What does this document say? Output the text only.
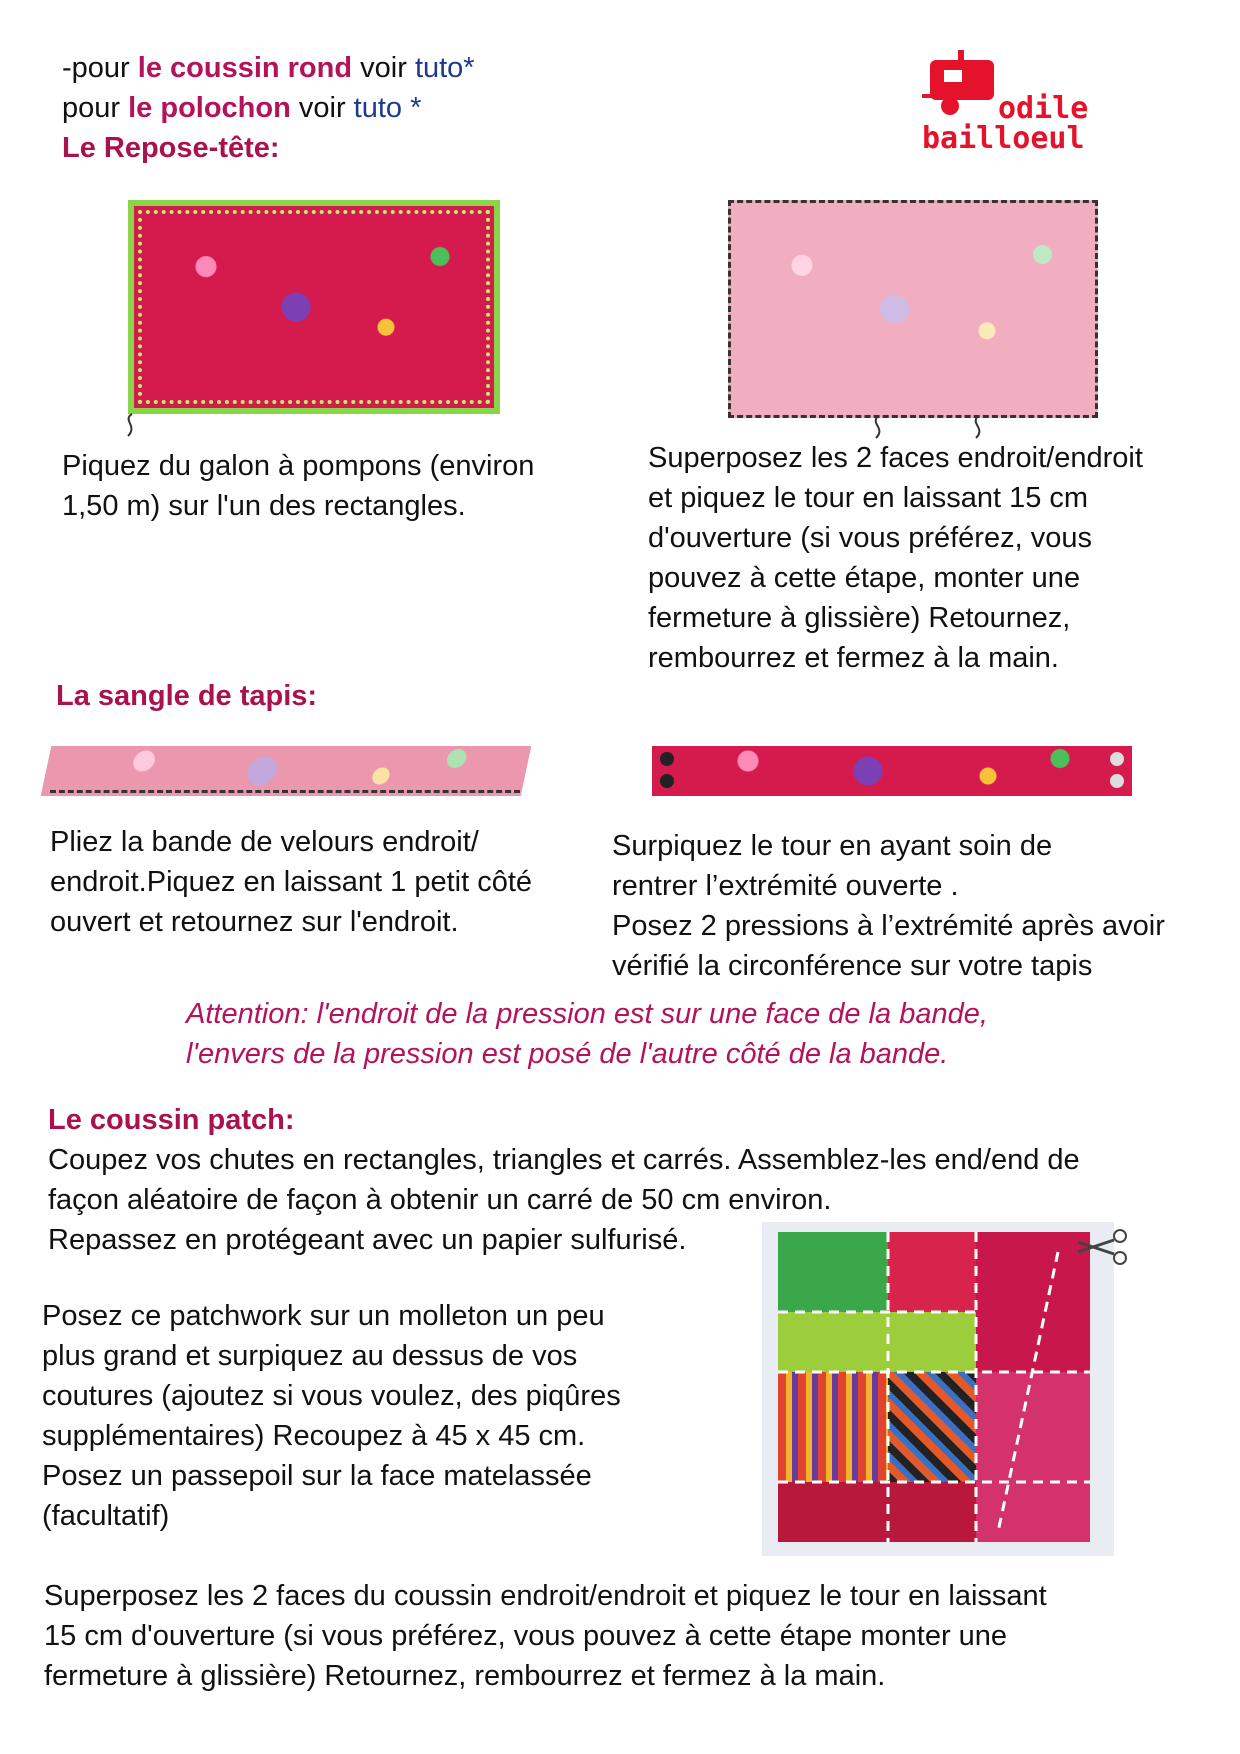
-pour le coussin rond voir tuto*
pour le polochon voir tuto *
Le Repose-tête:
odile
bailloeul
Piquez du galon à pompons (environ
1,50 m) sur l'un des rectangles.
Superposez les 2 faces endroit/endroit
et piquez le tour en laissant 15 cm
d'ouverture (si vous préférez, vous
pouvez à cette étape, monter une
fermeture à glissière) Retournez,
rembourrez et fermez à la main.
La sangle de tapis:
Pliez la bande de velours endroit/
endroit.Piquez en laissant 1 petit côté
ouvert et retournez sur l'endroit.
Surpiquez le tour en ayant soin de
rentrer l’extrémité ouverte .
Posez 2 pressions à l’extrémité après avoir
vérifié la circonférence sur votre tapis
Attention: l'endroit de la pression est sur une face de la bande,
l'envers de la pression est posé de l'autre côté de la bande.
Le coussin patch:
Coupez vos chutes en rectangles, triangles et carrés. Assemblez-les end/end de
façon aléatoire de façon à obtenir un carré de 50 cm environ.
Repassez en protégeant avec un papier sulfurisé.
Posez ce patchwork sur un molleton un peu
plus grand et surpiquez au dessus de vos
coutures (ajoutez si vous voulez, des piqûres
supplémentaires) Recoupez à 45 x 45 cm.
Posez un passepoil sur la face matelassée
(facultatif)
Superposez les 2 faces du coussin endroit/endroit et piquez le tour en laissant
15 cm d'ouverture (si vous préférez, vous pouvez à cette étape monter une
fermeture à glissière) Retournez, rembourrez et fermez à la main.
